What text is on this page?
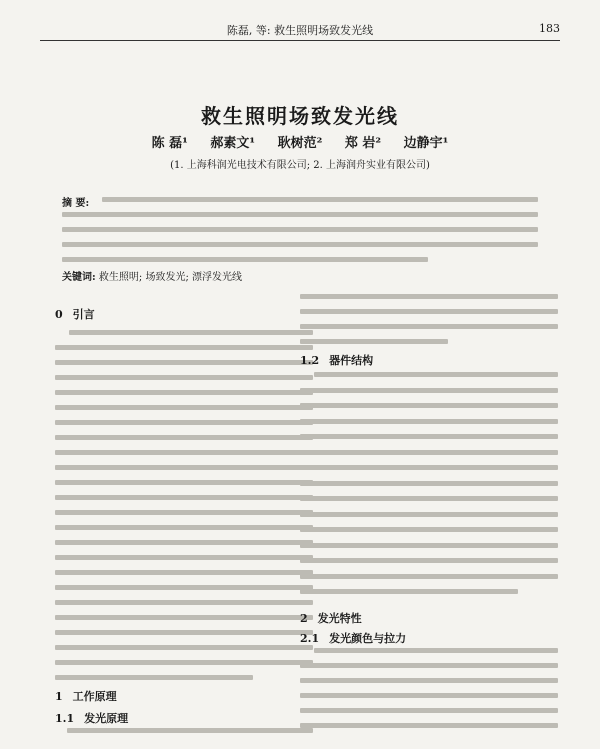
陈磊, 等: 救生照明场致发光线	183
救生照明场致发光线
陈 磊¹ 郝素文¹ 耿树范² 郑 岩² 边静宇¹
(1. 上海科润光电技术有限公司; 2. 上海润舟实业有限公司)
摘 要:
关键词: 救生照明; 场致发光; 漂浮发光线
0 引言
1 工作原理
1.1 发光原理
1.2 器件结构
2 发光特性
2.1 发光颜色与拉力
